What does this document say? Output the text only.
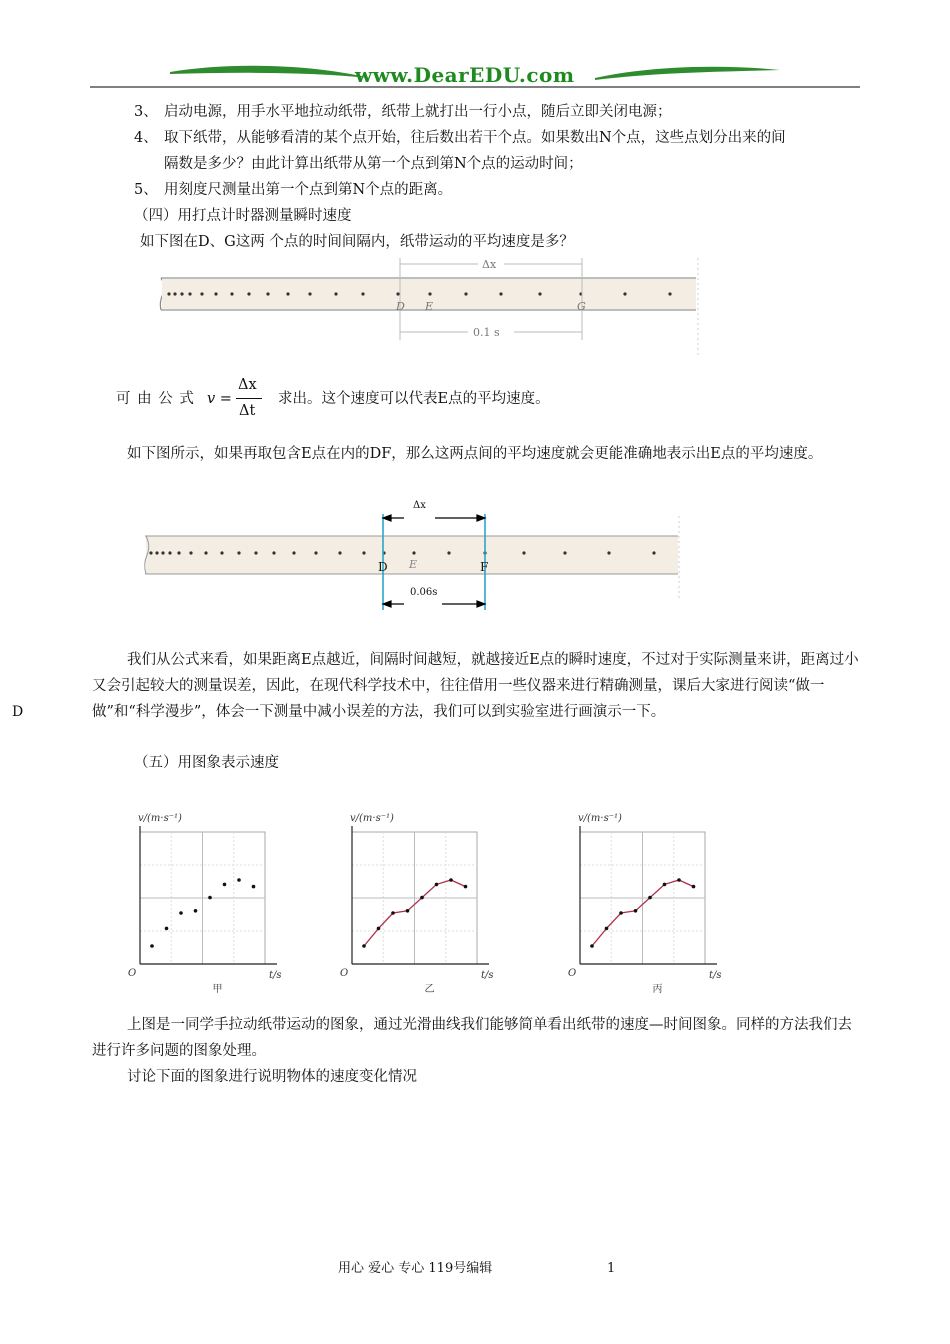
www.DearEDU.com
3、 启动电源，用手水平地拉动纸带，纸带上就打出一行小点，随后立即关闭电源；
4、 取下纸带，从能够看清的某个点开始，往后数出若干个点。如果数出N个点，这些点划分出来的间
隔数是多少？由此计算出纸带从第一个点到第N个点的运动时间；
5、 用刻度尺测量出第一个点到第N个点的距离。
（四）用打点计时器测量瞬时速度
如下图在D、G这两 个点的时间间隔内，纸带运动的平均速度是多？
Δx
D E	G
0.1 s
可 由 公 式 v =
Δx
Δt
求出。这个速度可以代表E点的平均速度。
如下图所示，如果再取包含E点在内的DF，那么这两点间的平均速度就会更能准确地表示出E点的平均速度。
Δx
D E	F
0.06s
我们从公式来看，如果距离E点越近，间隔时间越短，就越接近E点的瞬时速度，不过对于实际测量来讲，距离过小又会引起较大的测量误差，因此，在现代科学技术中，往往借用一些仪器来进行精确测量，课后大家进行阅读“做一做”和“科学漫步”，体会一下测量中减小误差的方法，我们可以到实验室进行画演示一下。
D
（五）用图象表示速度
v/(m·s⁻¹)
O	t/s
甲
v/(m·s⁻¹)
O	t/s
乙
v/(m·s⁻¹)
O	t/s
丙
上图是一同学手拉动纸带运动的图象，通过光滑曲线我们能够简单看出纸带的速度—时间图象。同样的方法我们去进行许多问题的图象处理。
讨论下面的图象进行说明物体的速度变化情况
用心 爱心 专心 119号编辑	1
